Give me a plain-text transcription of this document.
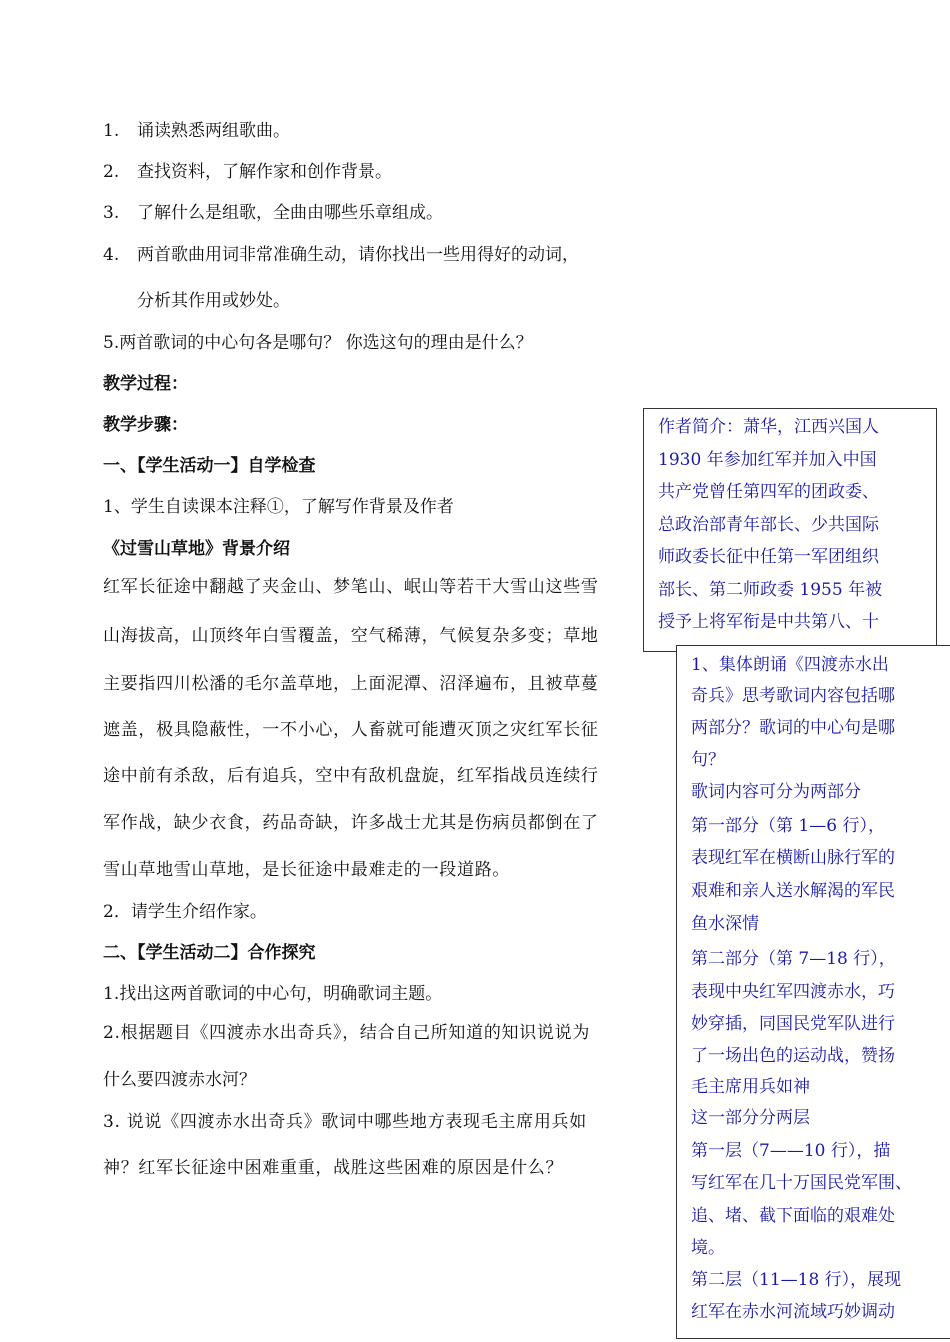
1. 诵读熟悉两组歌曲。
2. 查找资料，了解作家和创作背景。
3. 了解什么是组歌，全曲由哪些乐章组成。
4. 两首歌曲用词非常准确生动，请你找出一些用得好的动词，
分析其作用或妙处。
5.两首歌词的中心句各是哪句？ 你选这句的理由是什么？
教学过程：
教学步骤：
一、【学生活动一】自学检查
1、学生自读课本注释①，了解写作背景及作者
《过雪山草地》背景介绍
红军长征途中翻越了夹金山、梦笔山、岷山等若干大雪山这些雪
山海拔高，山顶终年白雪覆盖，空气稀薄，气候复杂多变；草地
主要指四川松潘的毛尔盖草地，上面泥潭、沼泽遍布，且被草蔓
遮盖，极具隐蔽性，一不小心，人畜就可能遭灭顶之灾红军长征
途中前有杀敌，后有追兵，空中有敌机盘旋，红军指战员连续行
军作战，缺少衣食，药品奇缺，许多战士尤其是伤病员都倒在了
雪山草地雪山草地，是长征途中最难走的一段道路。
2．请学生介绍作家。
二、【学生活动二】合作探究
1.找出这两首歌词的中心句，明确歌词主题。
2.根据题目《四渡赤水出奇兵》，结合自己所知道的知识说说为
什么要四渡赤水河？
3. 说说《四渡赤水出奇兵》歌词中哪些地方表现毛主席用兵如
神？红军长征途中困难重重，战胜这些困难的原因是什么？
作者简介：萧华，江西兴国人
1930 年参加红军并加入中国
共产党曾任第四军的团政委、
总政治部青年部长、少共国际
师政委长征中任第一军团组织
部长、第二师政委 1955 年被
授予上将军衔是中共第八、十
1、集体朗诵《四渡赤水出
奇兵》思考歌词内容包括哪
两部分？歌词的中心句是哪
句？
歌词内容可分为两部分
第一部分（第 1—6 行），
表现红军在横断山脉行军的
艰难和亲人送水解渴的军民
鱼水深情
第二部分（第 7—18 行），
表现中央红军四渡赤水，巧
妙穿插，同国民党军队进行
了一场出色的运动战，赞扬
毛主席用兵如神
这一部分分两层
第一层（7——10 行），描
写红军在几十万国民党军围、
追、堵、截下面临的艰难处
境。
第二层（11—18 行），展现
红军在赤水河流域巧妙调动
